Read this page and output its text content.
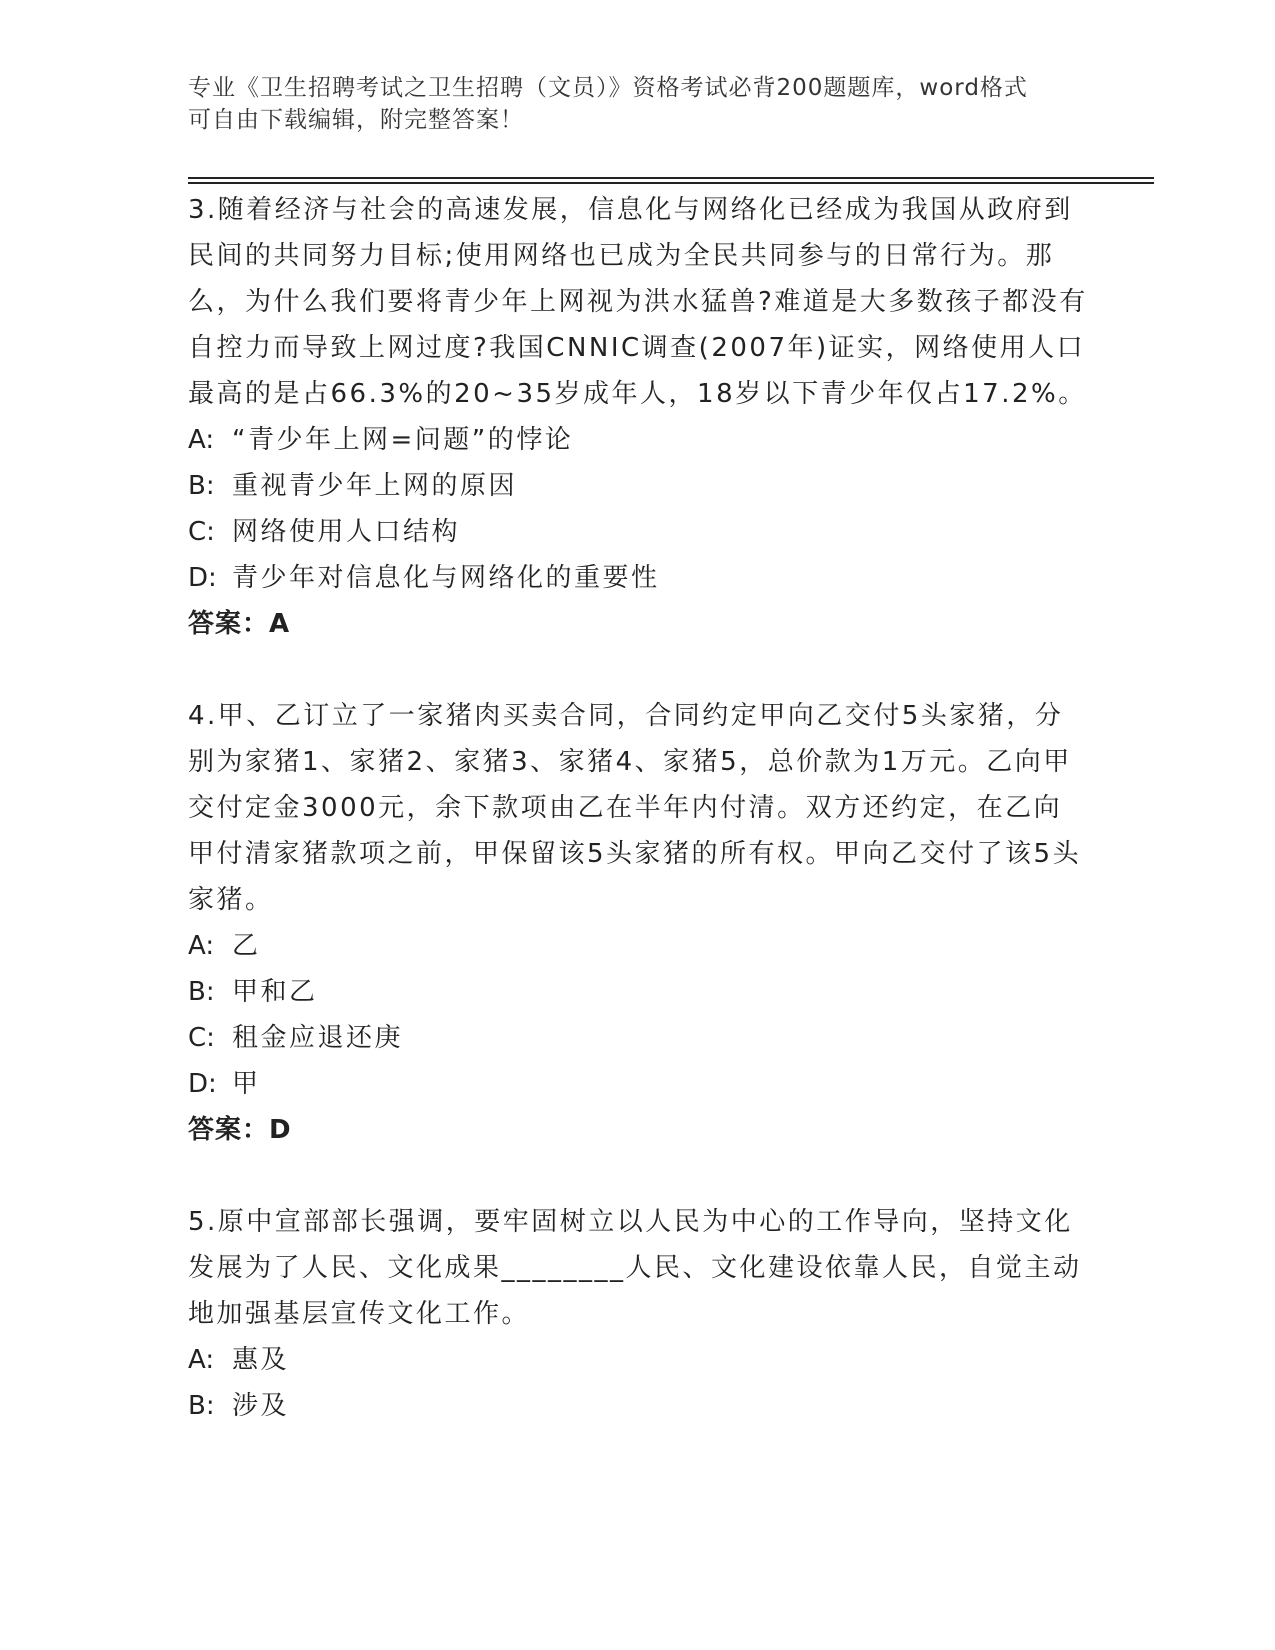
专业《卫生招聘考试之卫生招聘（文员）》资格考试必背200题题库，word格式
可自由下载编辑，附完整答案！

3.随着经济与社会的高速发展，信息化与网络化已经成为我国从政府到民间的共同努力目标;使用网络也已成为全民共同参与的日常行为。那么，为什么我们要将青少年上网视为洪水猛兽?难道是大多数孩子都没有自控力而导致上网过度?我国CNNIC调查(2007年)证实，网络使用人口最高的是占66.3%的20~35岁成年人，18岁以下青少年仅占17.2%。

A: “青少年上网=问题”的悖论

B: 重视青少年上网的原因

C: 网络使用人口结构

D: 青少年对信息化与网络化的重要性

答案：A

4.甲、乙订立了一家猪肉买卖合同，合同约定甲向乙交付5头家猪，分别为家猪1、家猪2、家猪3、家猪4、家猪5，总价款为1万元。乙向甲交付定金3000元，余下款项由乙在半年内付清。双方还约定，在乙向甲付清家猪款项之前，甲保留该5头家猪的所有权。甲向乙交付了该5头家猪。

A: 乙

B: 甲和乙

C: 租金应退还庚

D: 甲

答案：D

5.原中宣部部长强调，要牢固树立以人民为中心的工作导向，坚持文化发展为了人民、文化成果________人民、文化建设依靠人民，自觉主动地加强基层宣传文化工作。

A: 惠及

B: 涉及
